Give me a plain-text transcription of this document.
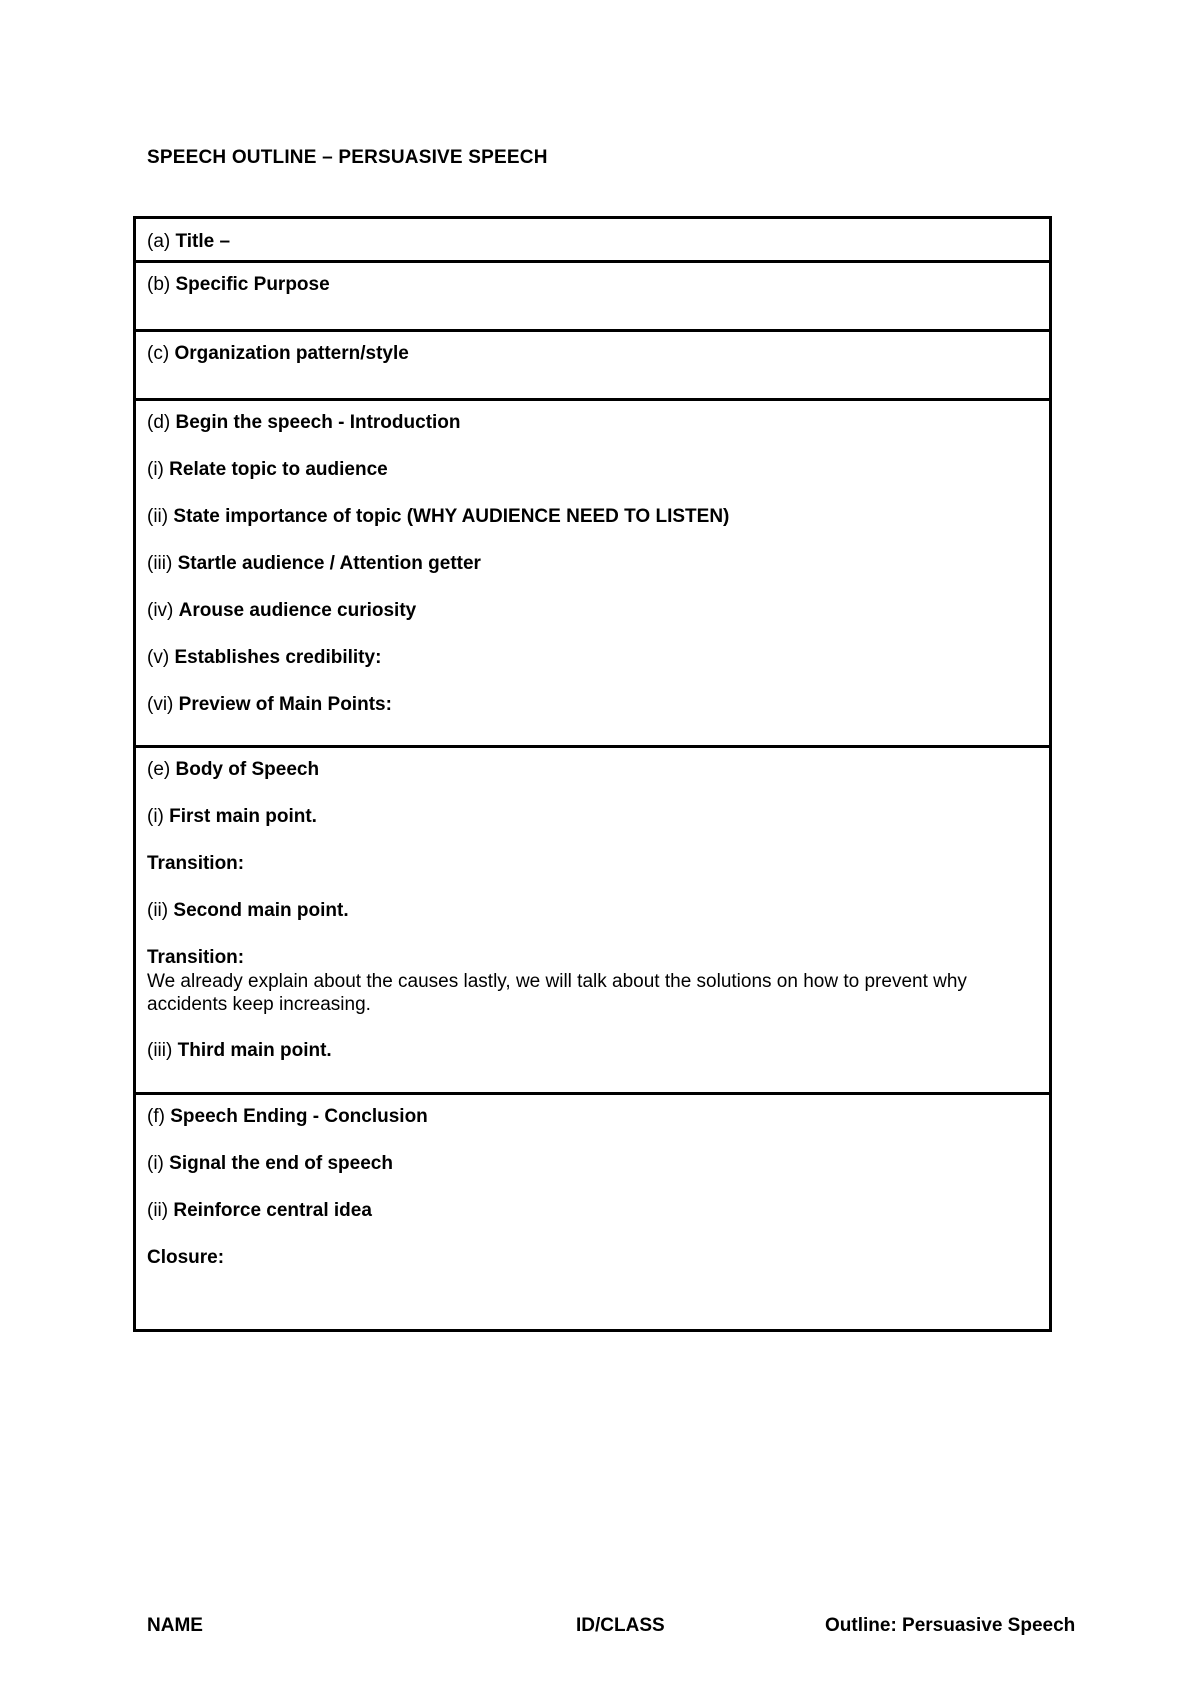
SPEECH OUTLINE – PERSUASIVE SPEECH
(a) Title –

(b) Specific Purpose

(c) Organization pattern/style

(d) Begin the speech - Introduction
(i) Relate topic to audience
(ii) State importance of topic (WHY AUDIENCE NEED TO LISTEN)
(iii) Startle audience / Attention getter
(iv) Arouse audience curiosity
(v) Establishes credibility:
(vi) Preview of Main Points:

(e) Body of Speech
(i) First main point.
Transition:
(ii) Second main point.
Transition:
We already explain about the causes lastly, we will talk about the solutions on how to prevent why accidents keep increasing.
(iii) Third main point.

(f) Speech Ending - Conclusion
(i) Signal the end of speech
(ii) Reinforce central idea
Closure:
NAME	ID/CLASS	Outline: Persuasive Speech
